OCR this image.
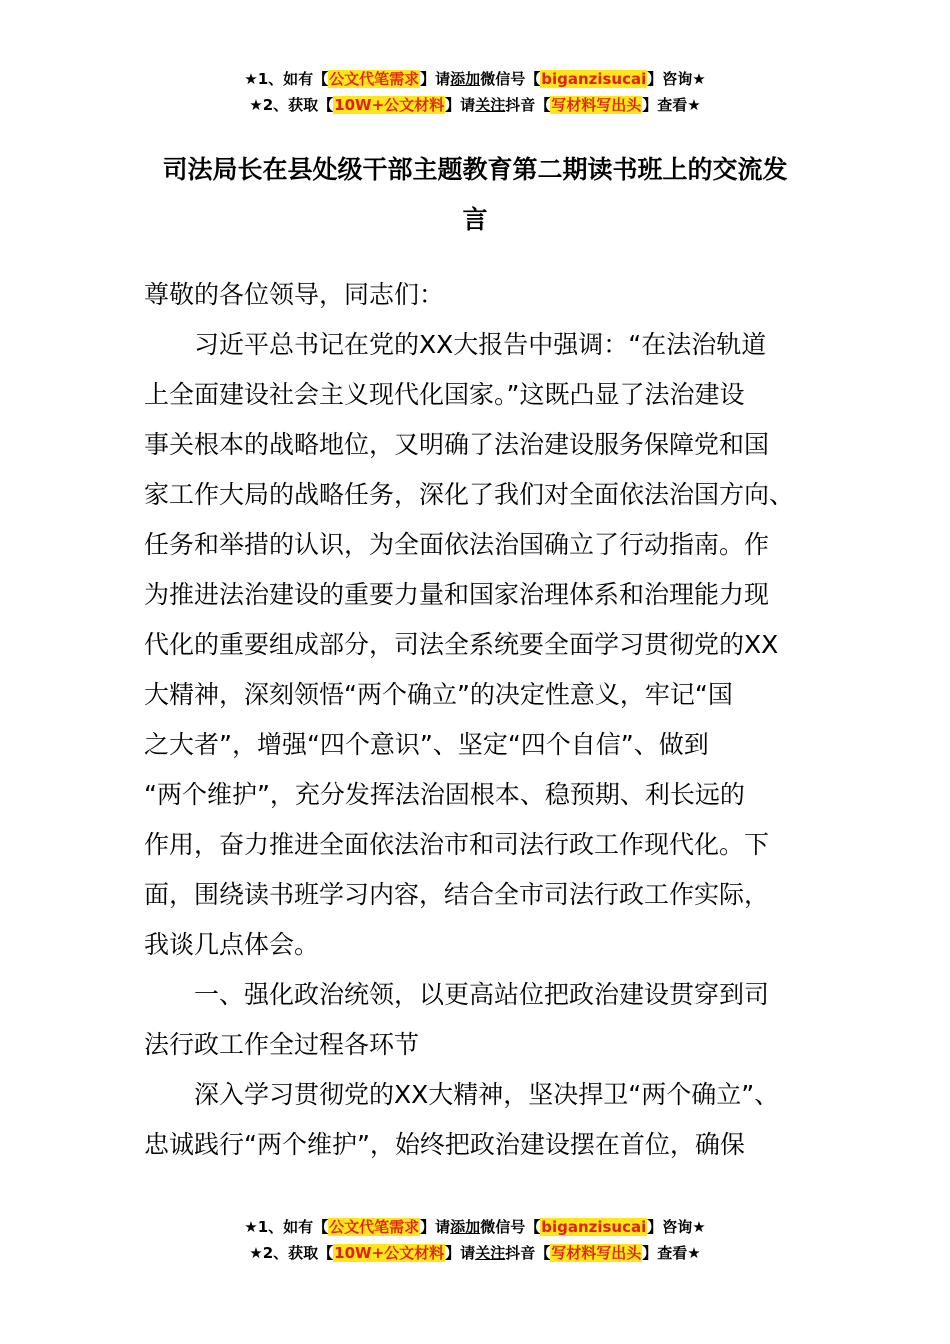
★1、如有【公文代笔需求】请添加微信号【biganzisucai】咨询★
★2、获取【10W+公文材料】请关注抖音【写材料写出头】查看★
司法局长在县处级干部主题教育第二期读书班上的交流发
言
尊敬的各位领导，同志们：
习近平总书记在党的XX大报告中强调：“在法治轨道
上全面建设社会主义现代化国家。”这既凸显了法治建设
事关根本的战略地位，又明确了法治建设服务保障党和国
家工作大局的战略任务，深化了我们对全面依法治国方向、
任务和举措的认识，为全面依法治国确立了行动指南。作
为推进法治建设的重要力量和国家治理体系和治理能力现
代化的重要组成部分，司法全系统要全面学习贯彻党的XX
大精神，深刻领悟“两个确立”的决定性意义，牢记“国
之大者”，增强“四个意识”、坚定“四个自信”、做到
“两个维护”，充分发挥法治固根本、稳预期、利长远的
作用，奋力推进全面依法治市和司法行政工作现代化。下
面，围绕读书班学习内容，结合全市司法行政工作实际，
我谈几点体会。
一、强化政治统领，以更高站位把政治建设贯穿到司
法行政工作全过程各环节
深入学习贯彻党的XX大精神，坚决捍卫“两个确立”、
忠诚践行“两个维护”，始终把政治建设摆在首位，确保
★1、如有【公文代笔需求】请添加微信号【biganzisucai】咨询★
★2、获取【10W+公文材料】请关注抖音【写材料写出头】查看★
